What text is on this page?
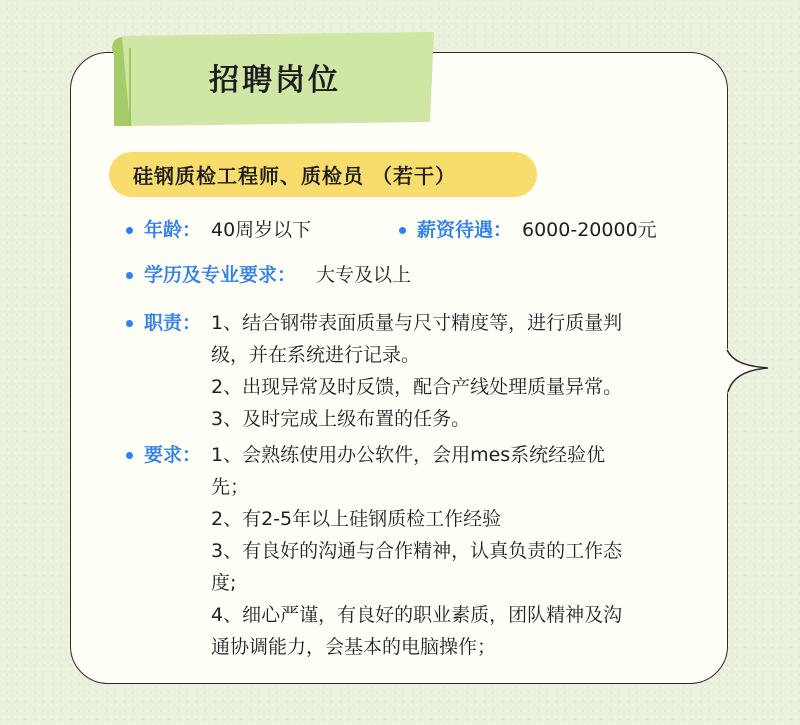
招聘岗位
硅钢质检工程师、质检员 （若干）
年龄： 40周岁以下	薪资待遇： 6000-20000元
学历及专业要求： 大专及以上
职责： 1、结合钢带表面质量与尺寸精度等，进行质量判
级，并在系统进行记录。
2、出现异常及时反馈，配合产线处理质量异常。
3、及时完成上级布置的任务。
要求： 1、会熟练使用办公软件，会用mes系统经验优
先；
2、有2-5年以上硅钢质检工作经验
3、有良好的沟通与合作精神，认真负责的工作态
度;
4、细心严谨，有良好的职业素质，团队精神及沟
通协调能力，会基本的电脑操作；
